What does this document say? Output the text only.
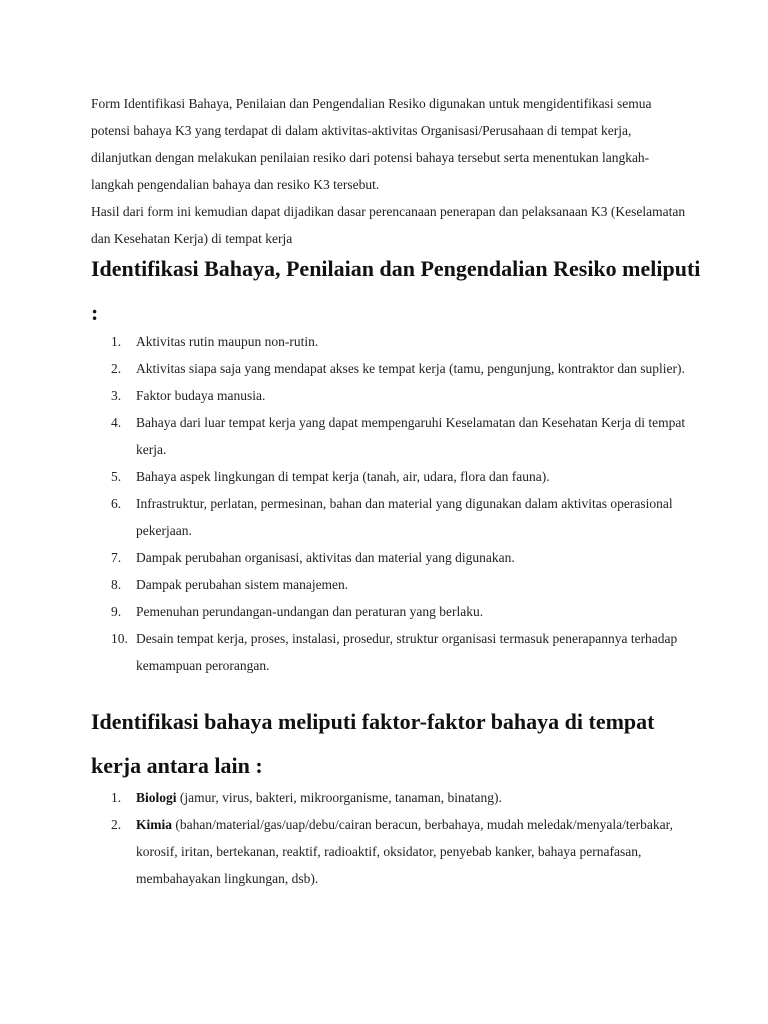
Form Identifikasi Bahaya, Penilaian dan Pengendalian Resiko digunakan untuk mengidentifikasi semua potensi bahaya K3 yang terdapat di dalam aktivitas-aktivitas Organisasi/Perusahaan di tempat kerja, dilanjutkan dengan melakukan penilaian resiko dari potensi bahaya tersebut serta menentukan langkah-langkah pengendalian bahaya dan resiko K3 tersebut.

Hasil dari form ini kemudian dapat dijadikan dasar perencanaan penerapan dan pelaksanaan K3 (Keselamatan dan Kesehatan Kerja) di tempat kerja

Identifikasi Bahaya, Penilaian dan Pengendalian Resiko meliputi :
1. Aktivitas rutin maupun non-rutin.
2. Aktivitas siapa saja yang mendapat akses ke tempat kerja (tamu, pengunjung, kontraktor dan suplier).
3. Faktor budaya manusia.
4. Bahaya dari luar tempat kerja yang dapat mempengaruhi Keselamatan dan Kesehatan Kerja di tempat kerja.
5. Bahaya aspek lingkungan di tempat kerja (tanah, air, udara, flora dan fauna).
6. Infrastruktur, perlatan, permesinan, bahan dan material yang digunakan dalam aktivitas operasional pekerjaan.
7. Dampak perubahan organisasi, aktivitas dan material yang digunakan.
8. Dampak perubahan sistem manajemen.
9. Pemenuhan perundangan-undangan dan peraturan yang berlaku.
10. Desain tempat kerja, proses, instalasi, prosedur, struktur organisasi termasuk penerapannya terhadap kemampuan perorangan.
Identifikasi bahaya meliputi faktor-faktor bahaya di tempat kerja antara lain :
1. Biologi (jamur, virus, bakteri, mikroorganisme, tanaman, binatang).
2. Kimia (bahan/material/gas/uap/debu/cairan beracun, berbahaya, mudah meledak/menyala/terbakar, korosif, iritan, bertekanan, reaktif, radioaktif, oksidator, penyebab kanker, bahaya pernafasan, membahayakan lingkungan, dsb).
